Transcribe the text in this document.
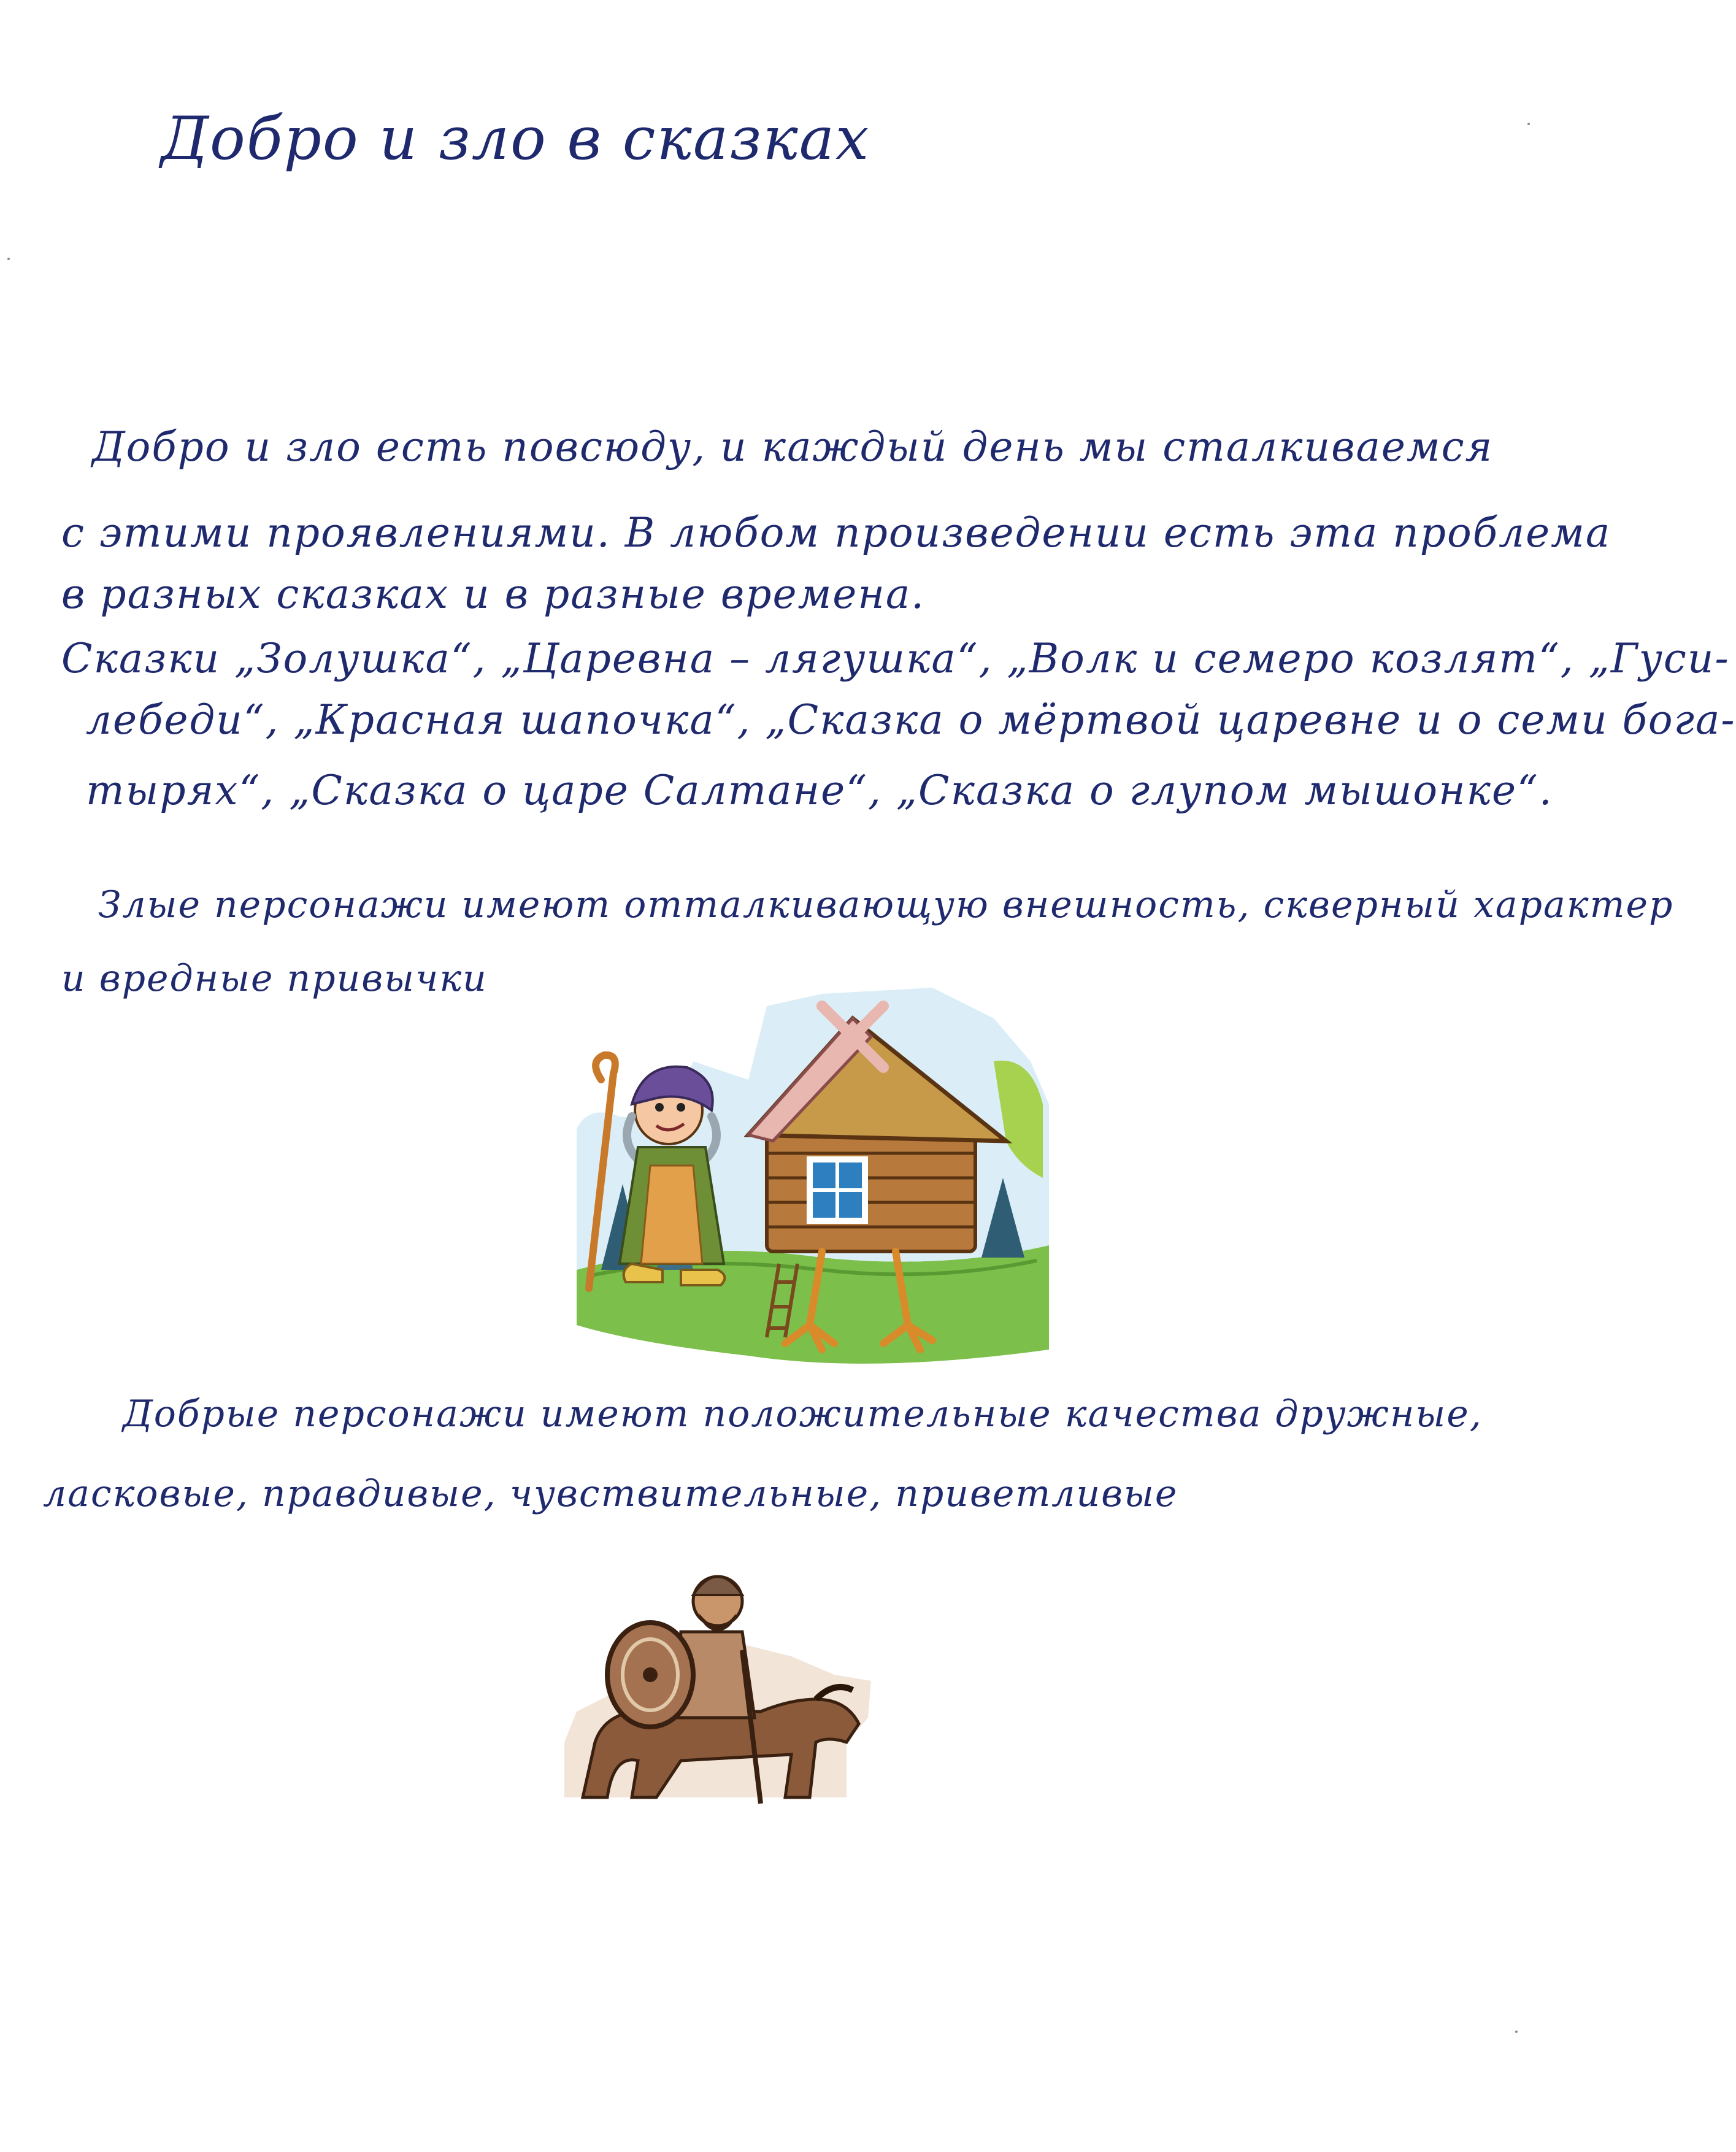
Добро и зло в сказках
Добро и зло есть повсюду, и каждый день мы сталкиваемся
с этими проявлениями. В любом произведении есть эта проблема
в разных сказках и в разные времена.
Сказки „Золушка“, „Царевна – лягушка“, „Волк и семеро козлят“, „Гуси-
лебеди“, „Красная шапочка“, „Сказка о мёртвой царевне и о семи бога-
тырях“, „Сказка о царе Салтане“, „Сказка о глупом мышонке“.
Злые персонажи имеют отталкивающую внешность, скверный характер
и вредные привычки
Добрые персонажи имеют положительные качества дружные,
ласковые, правдивые, чувствительные, приветливые
